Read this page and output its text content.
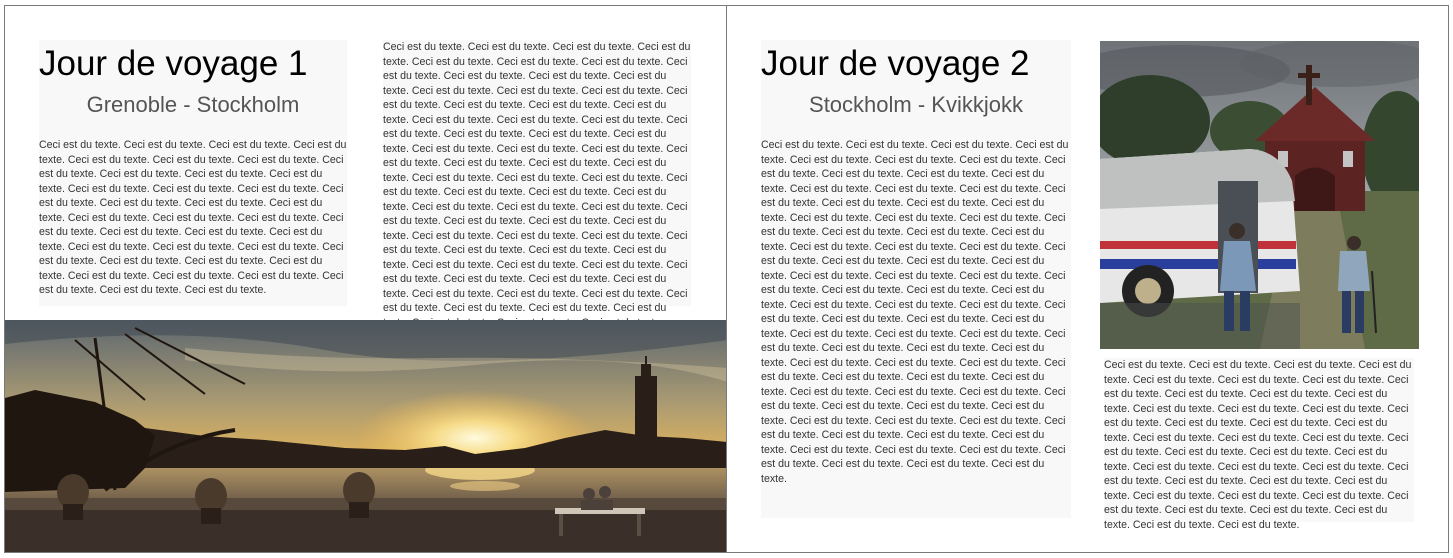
Jour de voyage 1
Grenoble - Stockholm

Ceci est du texte. Ceci est du texte. Ceci est du texte. Ceci est du texte. Ceci est du texte. Ceci est du texte. Ceci est du texte. Ceci est du texte. Ceci est du texte. Ceci est du texte. Ceci est du texte. Ceci est du texte. Ceci est du texte. Ceci est du texte. Ceci est du texte. Ceci est du texte. Ceci est du texte. Ceci est du texte. Ceci est du texte. Ceci est du texte. Ceci est du texte. Ceci est du texte. Ceci est du texte. Ceci est du texte. Ceci est du texte. Ceci est du texte. Ceci est du texte. Ceci est du texte. Ceci est du texte. Ceci est du texte. Ceci est du texte. Ceci est du texte. Ceci est du texte. Ceci est du texte. Ceci est du texte. Ceci est du texte. Ceci est du texte. Ceci est du texte.

Ceci est du texte. Ceci est du texte. Ceci est du texte. Ceci est du texte. Ceci est du texte. Ceci est du texte. Ceci est du texte. Ceci est du texte. Ceci est du texte. Ceci est du texte. Ceci est du texte. Ceci est du texte. Ceci est du texte. Ceci est du texte. Ceci est du texte. Ceci est du texte. Ceci est du texte. Ceci est du texte. Ceci est du texte. Ceci est du texte. Ceci est du texte. Ceci est du texte. Ceci est du texte. Ceci est du texte. Ceci est du texte. Ceci est du texte. Ceci est du texte. Ceci est du texte. Ceci est du texte. Ceci est du texte. Ceci est du texte. Ceci est du texte. Ceci est du texte. Ceci est du texte. Ceci est du texte. Ceci est du texte. Ceci est du texte. Ceci est du texte. Ceci est du texte. Ceci est du texte. Ceci est du texte. Ceci est du texte. Ceci est du texte. Ceci est du texte. Ceci est du texte. Ceci est du texte. Ceci est du texte. Ceci est du texte. Ceci est du texte. Ceci est du texte. Ceci est du texte. Ceci est du texte. Ceci est du texte. Ceci est du texte. Ceci est du texte. Ceci est du texte. Ceci est du texte. Ceci est du texte. Ceci est du texte. Ceci est du texte. Ceci est du texte. Ceci est du texte. Ceci est du texte. Ceci est du texte. Ceci est du texte. Ceci est du texte. Ceci est du

Jour de voyage 2
Stockholm - Kvikkjokk

Ceci est du texte. Ceci est du texte. Ceci est du texte. Ceci est du texte. Ceci est du texte. Ceci est du texte. Ceci est du texte. Ceci est du texte. Ceci est du texte. Ceci est du texte. Ceci est du texte. Ceci est du texte. Ceci est du texte. Ceci est du texte. Ceci est du texte. Ceci est du texte. Ceci est du texte. Ceci est du texte. Ceci est du texte. Ceci est du texte. Ceci est du texte. Ceci est du texte. Ceci est du texte. Ceci est du texte. Ceci est du texte. Ceci est du texte. Ceci est du texte. Ceci est du texte. Ceci est du texte. Ceci est du texte. Ceci est du texte. Ceci est du texte. Ceci est du texte. Ceci est du texte. Ceci est du texte. Ceci est du texte. Ceci est du texte. Ceci est du texte. Ceci est du texte. Ceci est du texte. Ceci est du texte. Ceci est du texte. Ceci est du texte. Ceci est du texte. Ceci est du texte. Ceci est du texte. Ceci est du texte. Ceci est du texte. Ceci est du texte. Ceci est du texte. Ceci est du texte. Ceci est du texte. Ceci est du texte. Ceci est du texte. Ceci est du texte. Ceci est du texte. Ceci est du texte. Ceci est du texte. Ceci est du texte. Ceci est du texte. Ceci est du texte. Ceci est du texte. Ceci est du texte. Ceci est du texte. Ceci est du texte. Ceci est du texte. Ceci est du texte. Ceci est du texte. Ceci est du texte. Ceci est du texte. Ceci est du texte. Ceci est du texte. Ceci est du texte. Ceci est du texte. Ceci est du texte. Ceci est du texte. Ceci est du texte. Ceci est du texte. Ceci est du texte. Ceci est du texte. Ceci est du texte.

Ceci est du texte. Ceci est du texte. Ceci est du texte. Ceci est du texte. Ceci est du texte. Ceci est du texte. Ceci est du texte. Ceci est du texte. Ceci est du texte. Ceci est du texte. Ceci est du texte. Ceci est du texte. Ceci est du texte. Ceci est du texte. Ceci est du texte. Ceci est du texte. Ceci est du texte. Ceci est du texte. Ceci est du texte. Ceci est du texte. Ceci est du texte. Ceci est du texte. Ceci est du texte. Ceci est du texte. Ceci est du texte. Ceci est du texte. Ceci est du texte. Ceci est du texte. Ceci est du texte. Ceci est du texte. Ceci est du texte. Ceci est du texte. Ceci est du texte. Ceci est du texte. Ceci est du texte. Ceci est du texte. Ceci est du texte. Ceci est du texte. Ceci est du texte. Ceci est du texte. Ceci est du texte.
